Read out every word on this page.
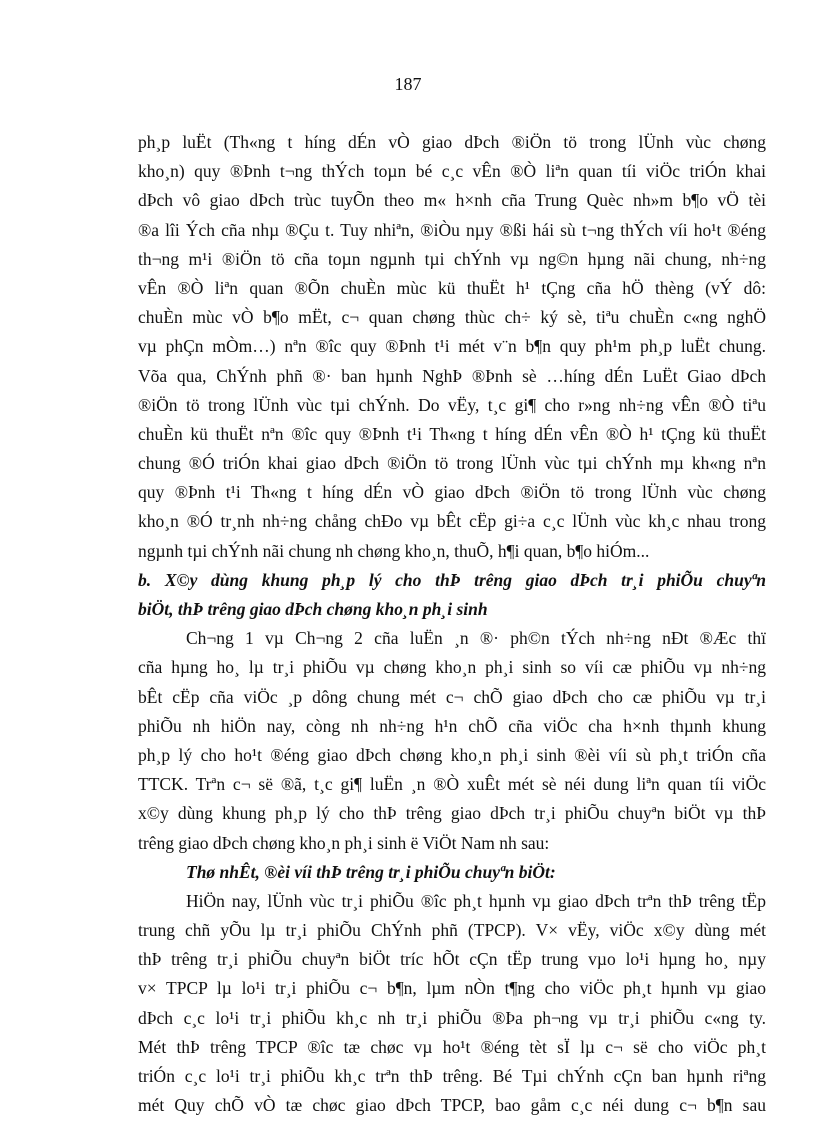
187
ph¸p luËt (Th«ng t híng dÉn vÒ giao dÞch ®iÖn tö trong lÜnh vùc chøng
kho¸n) quy ®Þnh t¬ng thÝch toµn bé c¸c vÊn ®Ò liªn quan tíi viÖc triÓn khai
dÞch vô giao dÞch trùc tuyÕn theo m« h×nh cña Trung Quèc nh»m b¶o vÖ tèi
®a lîi Ých cña nhµ ®Çu t. Tuy nhiªn, ®iÒu nµy ®ßi hái sù t¬ng thÝch víi ho¹t ®éng
th¬ng m¹i ®iÖn tö cña toµn ngµnh tµi chÝnh vµ ng©n hµng nãi chung, nh÷ng
vÊn ®Ò liªn quan ®Õn chuÈn mùc kü thuËt h¹ tÇng cña hÖ thèng (vÝ dô:
chuÈn mùc vÒ b¶o mËt, c¬ quan chøng thùc ch÷ ký sè, tiªu chuÈn c«ng nghÖ
vµ phÇn mÒm…) nªn ®îc quy ®Þnh t¹i mét v¨n b¶n quy ph¹m ph¸p luËt chung.
Võa qua, ChÝnh phñ ®· ban hµnh NghÞ ®Þnh sè …híng dÉn LuËt Giao dÞch
®iÖn tö trong lÜnh vùc tµi chÝnh. Do vËy, t¸c gi¶ cho r»ng nh÷ng vÊn ®Ò tiªu
chuÈn kü thuËt nªn ®îc quy ®Þnh t¹i Th«ng t híng dÉn vÊn ®Ò h¹ tÇng kü thuËt
chung ®Ó triÓn khai giao dÞch ®iÖn tö trong lÜnh vùc tµi chÝnh mµ kh«ng nªn
quy ®Þnh t¹i Th«ng t híng dÉn vÒ giao dÞch ®iÖn tö trong lÜnh vùc chøng
kho¸n ®Ó tr¸nh nh÷ng chång chÐo vµ bÊt cËp gi÷a c¸c lÜnh vùc kh¸c nhau trong
ngµnh tµi chÝnh nãi chung nh chøng kho¸n, thuÕ, h¶i quan, b¶o hiÓm...
b. X©y dùng khung ph¸p lý cho thÞ trêng giao dÞch tr¸i phiÕu chuyªn
biÖt, thÞ trêng giao dÞch chøng kho¸n ph¸i sinh
Ch¬ng 1 vµ Ch¬ng 2 cña luËn ¸n ®· ph©n tÝch nh÷ng nÐt ®Æc thï
cña hµng ho¸ lµ tr¸i phiÕu vµ chøng kho¸n ph¸i sinh so víi cæ phiÕu vµ nh÷ng
bÊt cËp cña viÖc ¸p dông chung mét c¬ chÕ giao dÞch cho cæ phiÕu vµ tr¸i
phiÕu nh hiÖn nay, còng nh nh÷ng h¹n chÕ cña viÖc cha h×nh thµnh khung
ph¸p lý cho ho¹t ®éng giao dÞch chøng kho¸n ph¸i sinh ®èi víi sù ph¸t triÓn cña
TTCK. Trªn c¬ së ®ã, t¸c gi¶ luËn ¸n ®Ò xuÊt mét sè néi dung liªn quan tíi viÖc
x©y dùng khung ph¸p lý cho thÞ trêng giao dÞch tr¸i phiÕu chuyªn biÖt vµ thÞ
trêng giao dÞch chøng kho¸n ph¸i sinh ë ViÖt Nam nh sau:
Thø nhÊt, ®èi víi thÞ trêng tr¸i phiÕu chuyªn biÖt:
HiÖn nay, lÜnh vùc tr¸i phiÕu ®îc ph¸t hµnh vµ giao dÞch trªn thÞ trêng tËp
trung chñ yÕu lµ tr¸i phiÕu ChÝnh phñ (TPCP). V× vËy, viÖc x©y dùng mét
thÞ trêng tr¸i phiÕu chuyªn biÖt tríc hÕt cÇn tËp trung vµo lo¹i hµng ho¸ nµy
v× TPCP lµ lo¹i tr¸i phiÕu c¬ b¶n, lµm nÒn t¶ng cho viÖc ph¸t hµnh vµ giao
dÞch c¸c lo¹i tr¸i phiÕu kh¸c nh tr¸i phiÕu ®Þa ph¬ng vµ tr¸i phiÕu c«ng ty.
Mét thÞ trêng TPCP ®îc tæ chøc vµ ho¹t ®éng tèt sÏ lµ c¬ së cho viÖc ph¸t
triÓn c¸c lo¹i tr¸i phiÕu kh¸c trªn thÞ trêng. Bé Tµi chÝnh cÇn ban hµnh riªng
mét Quy chÕ vÒ tæ chøc giao dÞch TPCP, bao gåm c¸c néi dung c¬ b¶n sau
